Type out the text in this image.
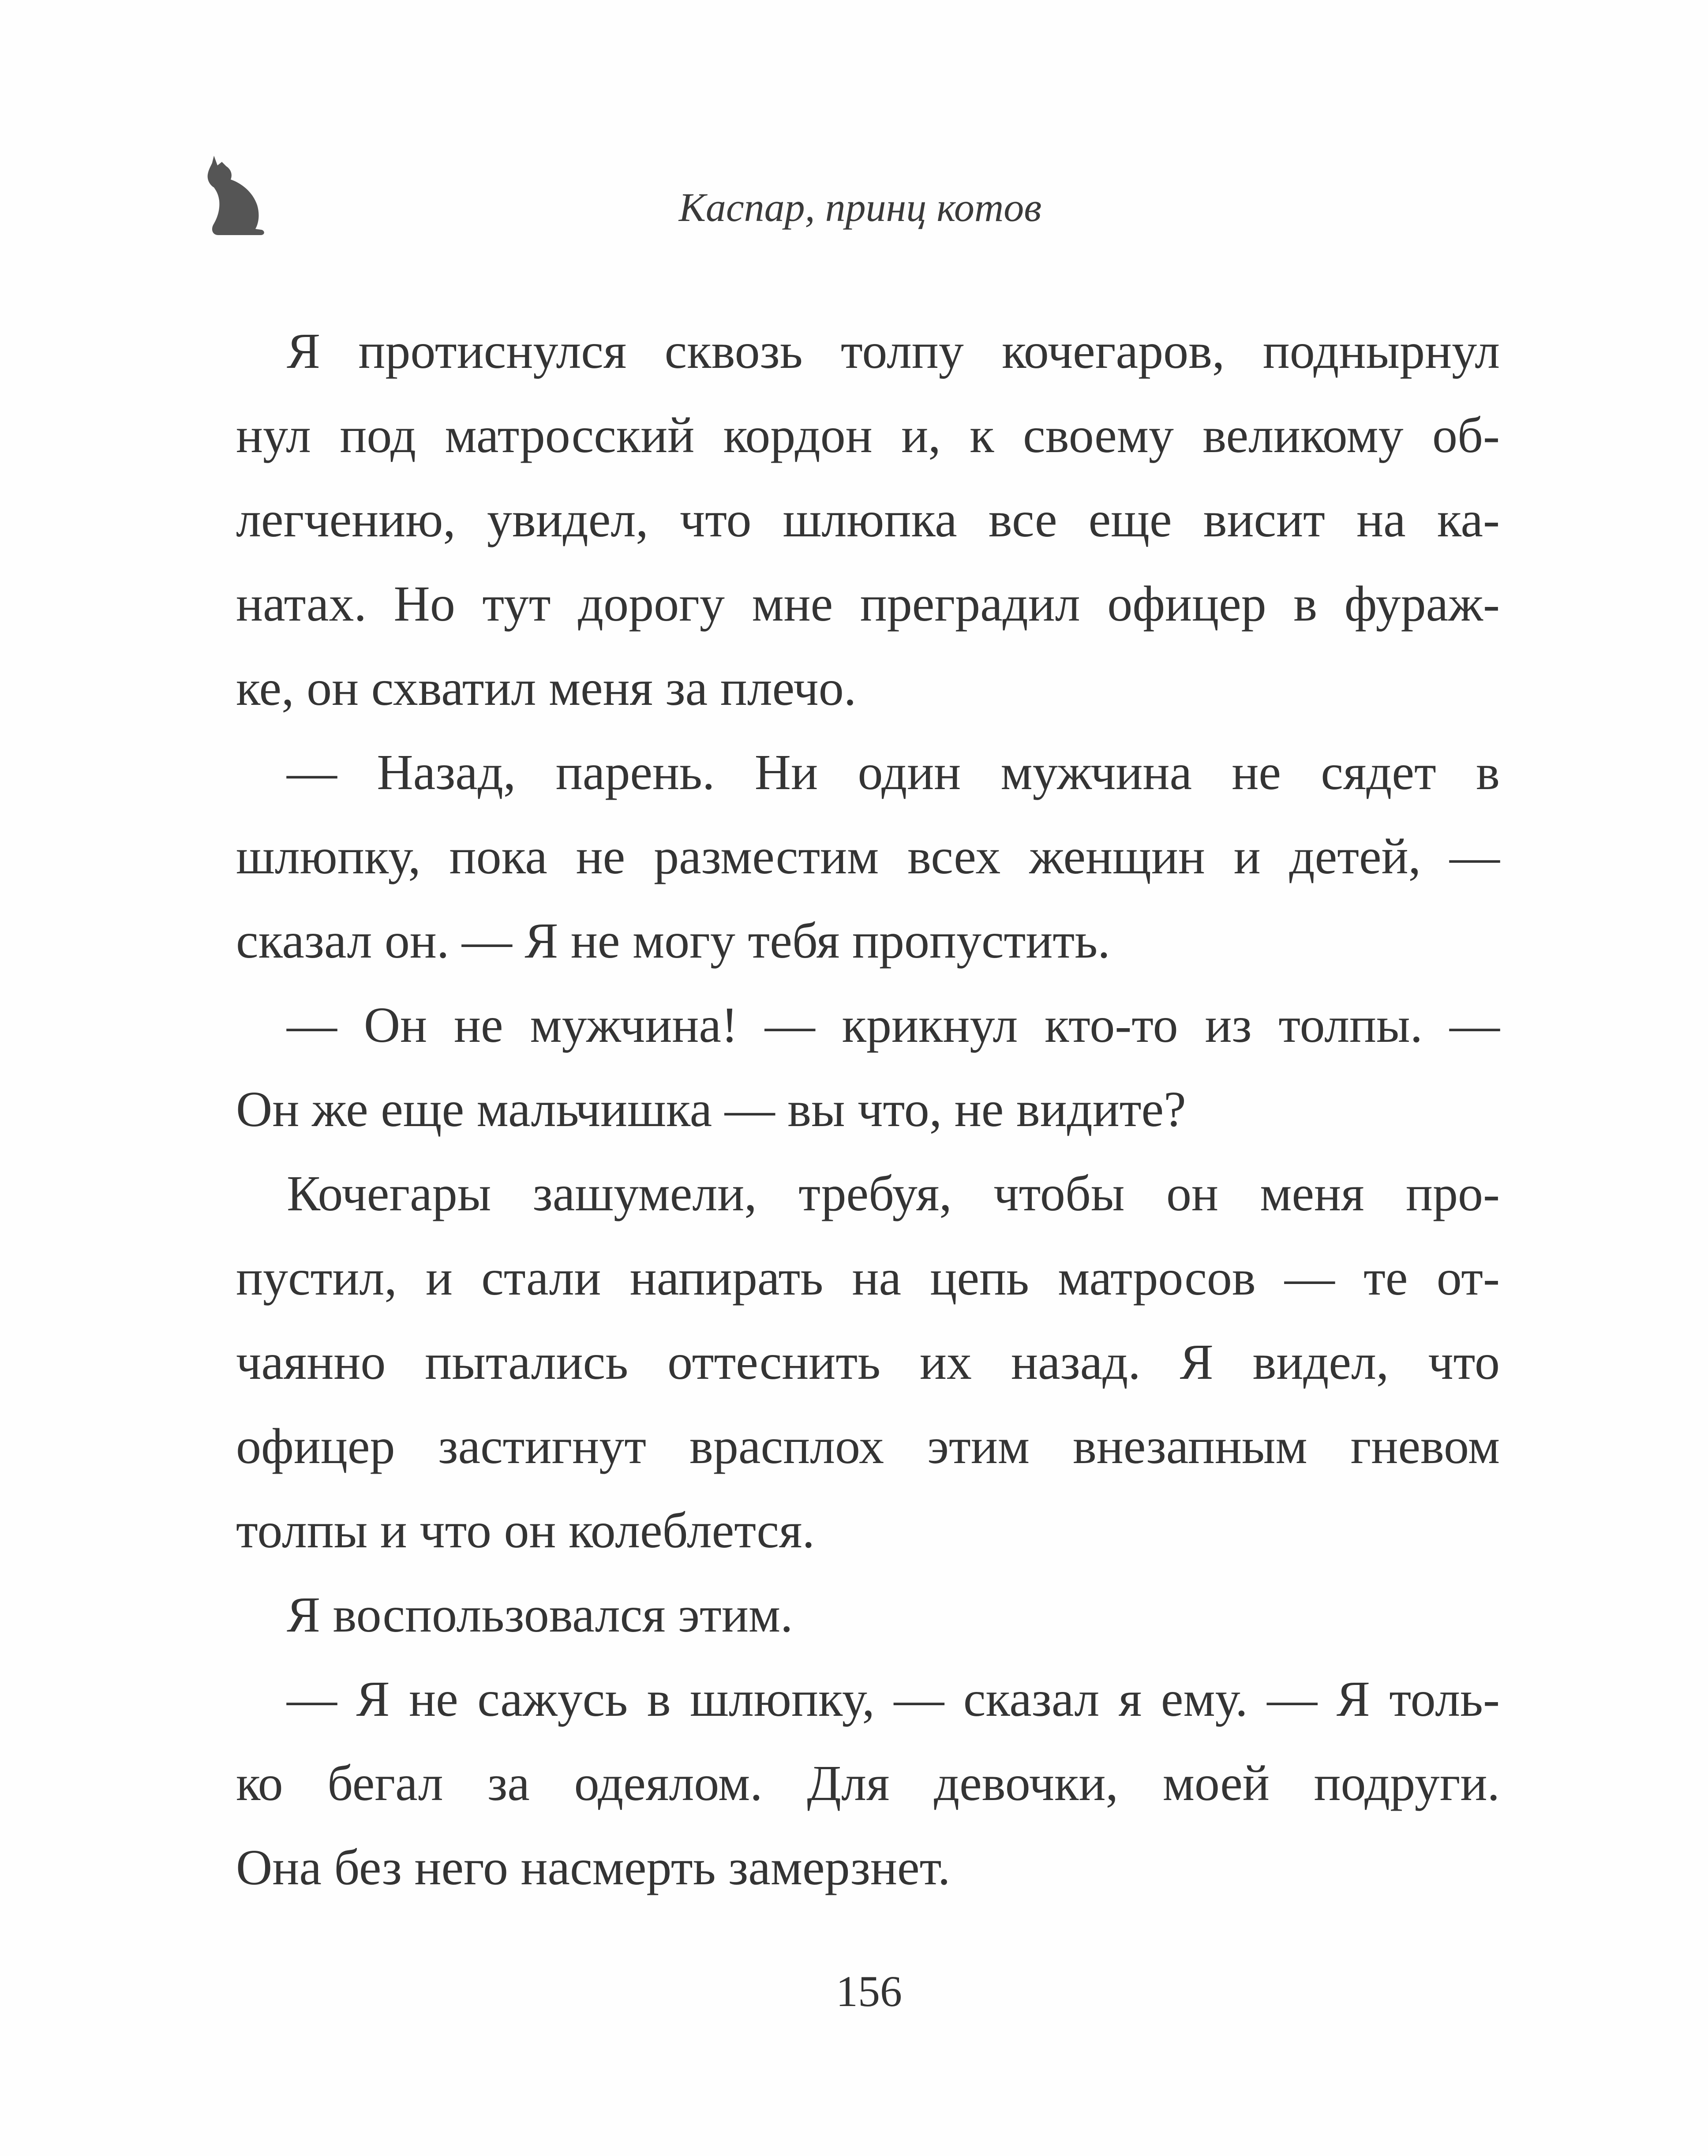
Каспар, принц котов
Я протиснулся сквозь толпу кочегаров, поднырнул
нул под матросский кордон и, к своему великому об-
легчению, увидел, что шлюпка все еще висит на ка-
натах. Но тут дорогу мне преградил офицер в фураж-
ке, он схватил меня за плечо.
— Назад, парень. Ни один мужчина не сядет в
шлюпку, пока не разместим всех женщин и детей, —
сказал он. — Я не могу тебя пропустить.
— Он не мужчина! — крикнул кто-то из толпы. —
Он же еще мальчишка — вы что, не видите?
Кочегары зашумели, требуя, чтобы он меня про-
пустил, и стали напирать на цепь матросов — те от-
чаянно пытались оттеснить их назад. Я видел, что
офицер застигнут врасплох этим внезапным гневом
толпы и что он колеблется.
Я воспользовался этим.
— Я не сажусь в шлюпку, — сказал я ему. — Я толь-
ко бегал за одеялом. Для девочки, моей подруги.
Она без него насмерть замерзнет.
156
